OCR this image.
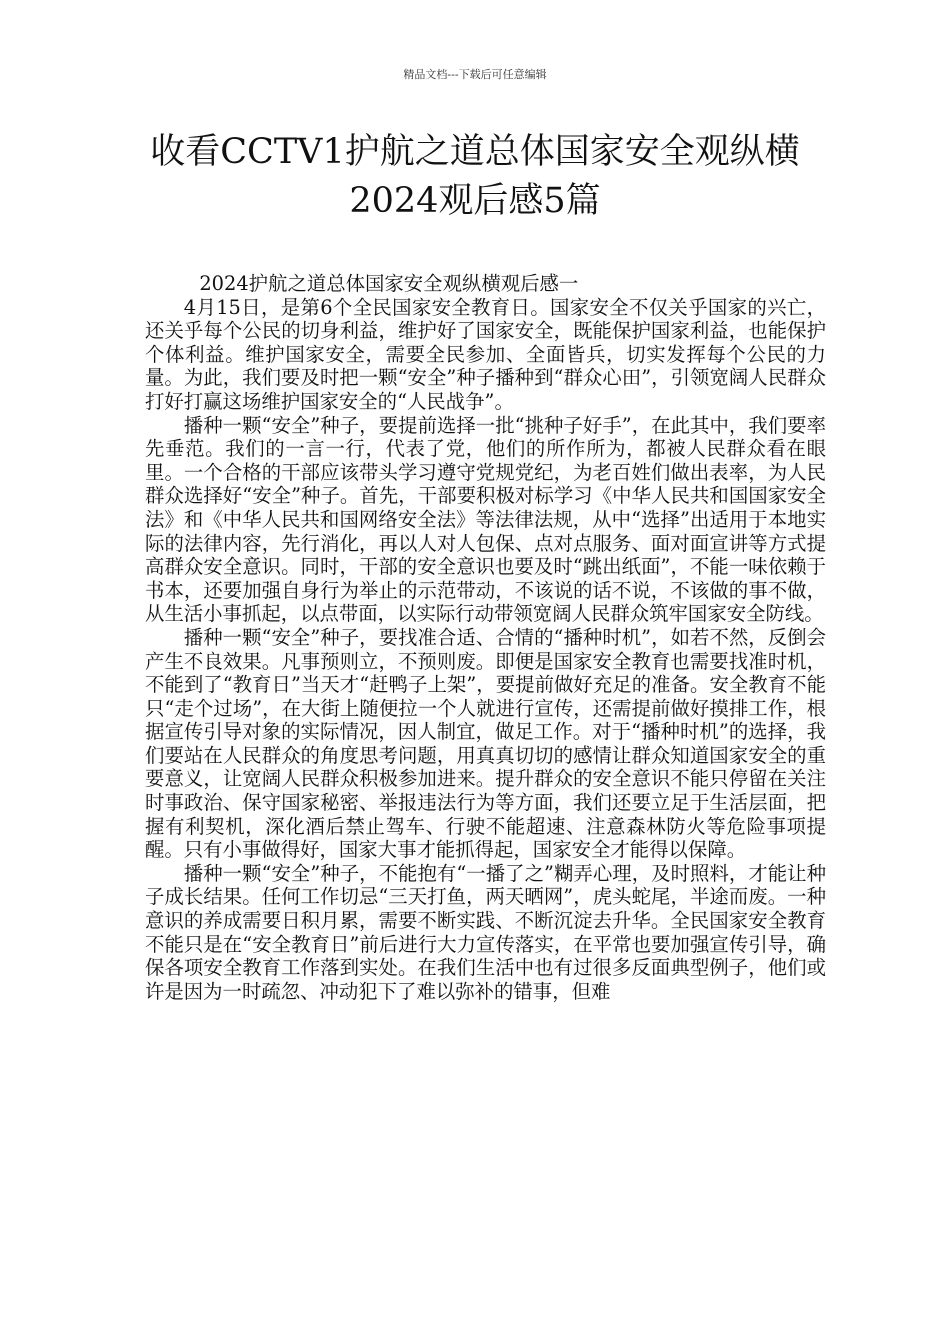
精品文档---下载后可任意编辑
收看CCTV1护航之道总体国家安全观纵横
2024观后感5篇
2024护航之道总体国家安全观纵横观后感一

4月15日，是第6个全民国家安全教育日。国家安全不仅关乎国家的兴亡，还关乎每个公民的切身利益，维护好了国家安全，既能保护国家利益，也能保护个体利益。维护国家安全，需要全民参加、全面皆兵，切实发挥每个公民的力量。为此，我们要及时把一颗“安全”种子播种到“群众心田”，引领宽阔人民群众打好打赢这场维护国家安全的“人民战争”。

播种一颗“安全”种子，要提前选择一批“挑种子好手”，在此其中，我们要率先垂范。我们的一言一行，代表了党，他们的所作所为，都被人民群众看在眼里。一个合格的干部应该带头学习遵守党规党纪，为老百姓们做出表率，为人民群众选择好“安全”种子。首先，干部要积极对标学习《中华人民共和国国家安全法》和《中华人民共和国网络安全法》等法律法规，从中“选择”出适用于本地实际的法律内容，先行消化，再以人对人包保、点对点服务、面对面宣讲等方式提高群众安全意识。同时，干部的安全意识也要及时“跳出纸面”，不能一味依赖于书本，还要加强自身行为举止的示范带动，不该说的话不说，不该做的事不做，从生活小事抓起，以点带面，以实际行动带领宽阔人民群众筑牢国家安全防线。

播种一颗“安全”种子，要找准合适、合情的“播种时机”，如若不然，反倒会产生不良效果。凡事预则立，不预则废。即便是国家安全教育也需要找准时机，不能到了“教育日”当天才“赶鸭子上架”，要提前做好充足的准备。安全教育不能只“走个过场”，在大街上随便拉一个人就进行宣传，还需提前做好摸排工作，根据宣传引导对象的实际情况，因人制宜，做足工作。对于“播种时机”的选择，我们要站在人民群众的角度思考问题，用真真切切的感情让群众知道国家安全的重要意义，让宽阔人民群众积极参加进来。提升群众的安全意识不能只停留在关注时事政治、保守国家秘密、举报违法行为等方面，我们还要立足于生活层面，把握有利契机，深化酒后禁止驾车、行驶不能超速、注意森林防火等危险事项提醒。只有小事做得好，国家大事才能抓得起，国家安全才能得以保障。

播种一颗“安全”种子，不能抱有“一播了之”糊弄心理，及时照料，才能让种子成长结果。任何工作切忌“三天打鱼，两天晒网”，虎头蛇尾，半途而废。一种意识的养成需要日积月累，需要不断实践、不断沉淀去升华。全民国家安全教育不能只是在“安全教育日”前后进行大力宣传落实，在平常也要加强宣传引导，确保各项安全教育工作落到实处。在我们生活中也有过很多反面典型例子，他们或许是因为一时疏忽、冲动犯下了难以弥补的错事，但难
